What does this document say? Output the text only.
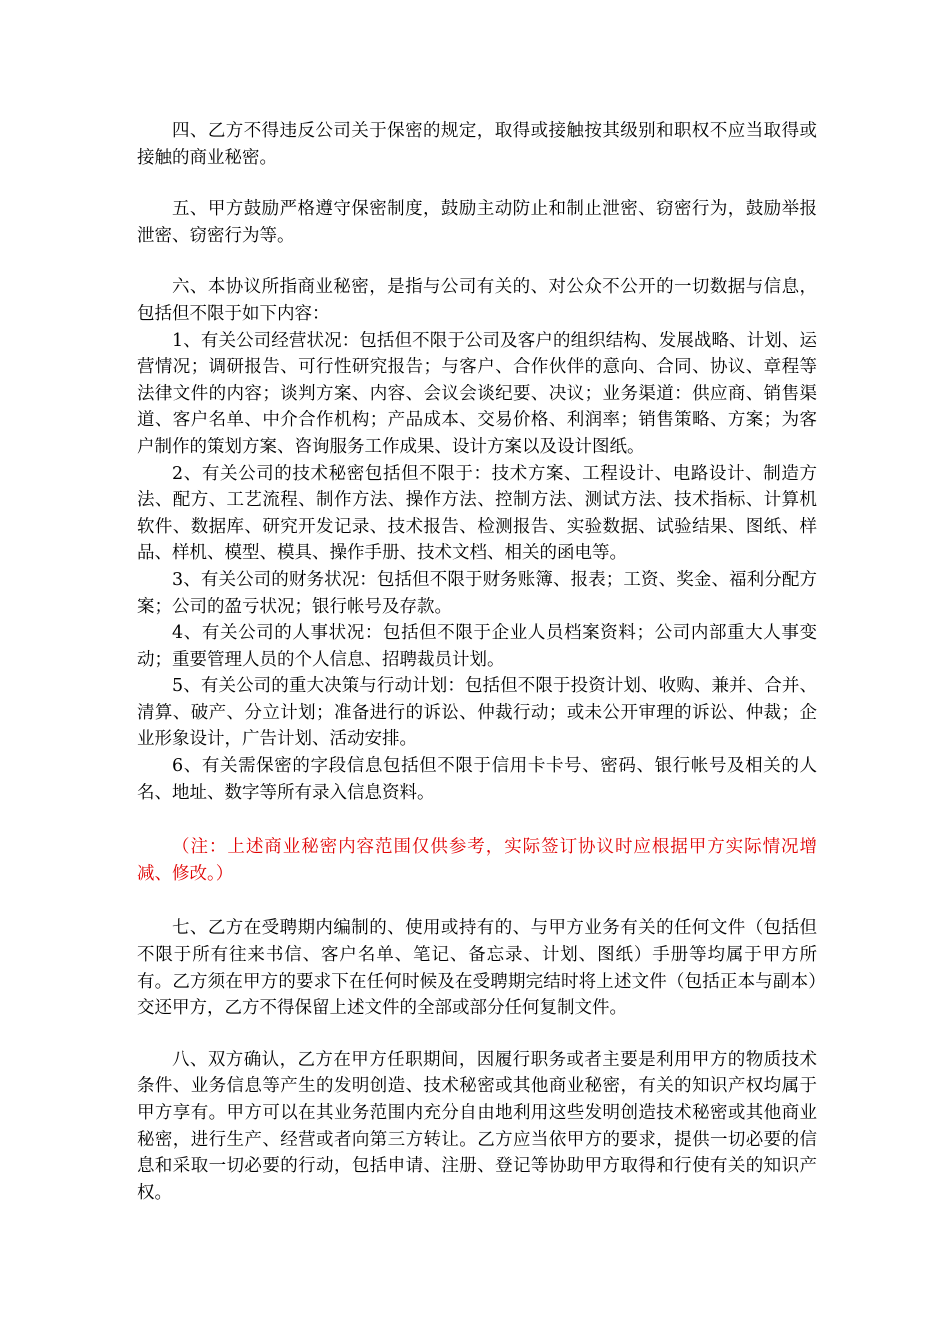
四、乙方不得违反公司关于保密的规定，取得或接触按其级别和职权不应当取得或接触的商业秘密。

五、甲方鼓励严格遵守保密制度，鼓励主动防止和制止泄密、窃密行为，鼓励举报泄密、窃密行为等。

六、本协议所指商业秘密，是指与公司有关的、对公众不公开的一切数据与信息，包括但不限于如下内容：

1、有关公司经营状况：包括但不限于公司及客户的组织结构、发展战略、计划、运营情况；调研报告、可行性研究报告；与客户、合作伙伴的意向、合同、协议、章程等法律文件的内容；谈判方案、内容、会议会谈纪要、决议；业务渠道：供应商、销售渠道、客户名单、中介合作机构；产品成本、交易价格、利润率；销售策略、方案；为客户制作的策划方案、咨询服务工作成果、设计方案以及设计图纸。

2、有关公司的技术秘密包括但不限于：技术方案、工程设计、电路设计、制造方法、配方、工艺流程、制作方法、操作方法、控制方法、测试方法、技术指标、计算机软件、数据库、研究开发记录、技术报告、检测报告、实验数据、试验结果、图纸、样品、样机、模型、模具、操作手册、技术文档、相关的函电等。

3、有关公司的财务状况：包括但不限于财务账簿、报表；工资、奖金、福利分配方案；公司的盈亏状况；银行帐号及存款。

4、有关公司的人事状况：包括但不限于企业人员档案资料；公司内部重大人事变动；重要管理人员的个人信息、招聘裁员计划。

5、有关公司的重大决策与行动计划：包括但不限于投资计划、收购、兼并、合并、清算、破产、分立计划；准备进行的诉讼、仲裁行动；或未公开审理的诉讼、仲裁；企业形象设计，广告计划、活动安排。

6、有关需保密的字段信息包括但不限于信用卡卡号、密码、银行帐号及相关的人名、地址、数字等所有录入信息资料。

（注：上述商业秘密内容范围仅供参考，实际签订协议时应根据甲方实际情况增减、修改。）

七、乙方在受聘期内编制的、使用或持有的、与甲方业务有关的任何文件（包括但不限于所有往来书信、客户名单、笔记、备忘录、计划、图纸）手册等均属于甲方所有。乙方须在甲方的要求下在任何时候及在受聘期完结时将上述文件（包括正本与副本）交还甲方，乙方不得保留上述文件的全部或部分任何复制文件。

八、双方确认，乙方在甲方任职期间，因履行职务或者主要是利用甲方的物质技术条件、业务信息等产生的发明创造、技术秘密或其他商业秘密，有关的知识产权均属于甲方享有。甲方可以在其业务范围内充分自由地利用这些发明创造技术秘密或其他商业秘密，进行生产、经营或者向第三方转让。乙方应当依甲方的要求，提供一切必要的信息和采取一切必要的行动，包括申请、注册、登记等协助甲方取得和行使有关的知识产权。
